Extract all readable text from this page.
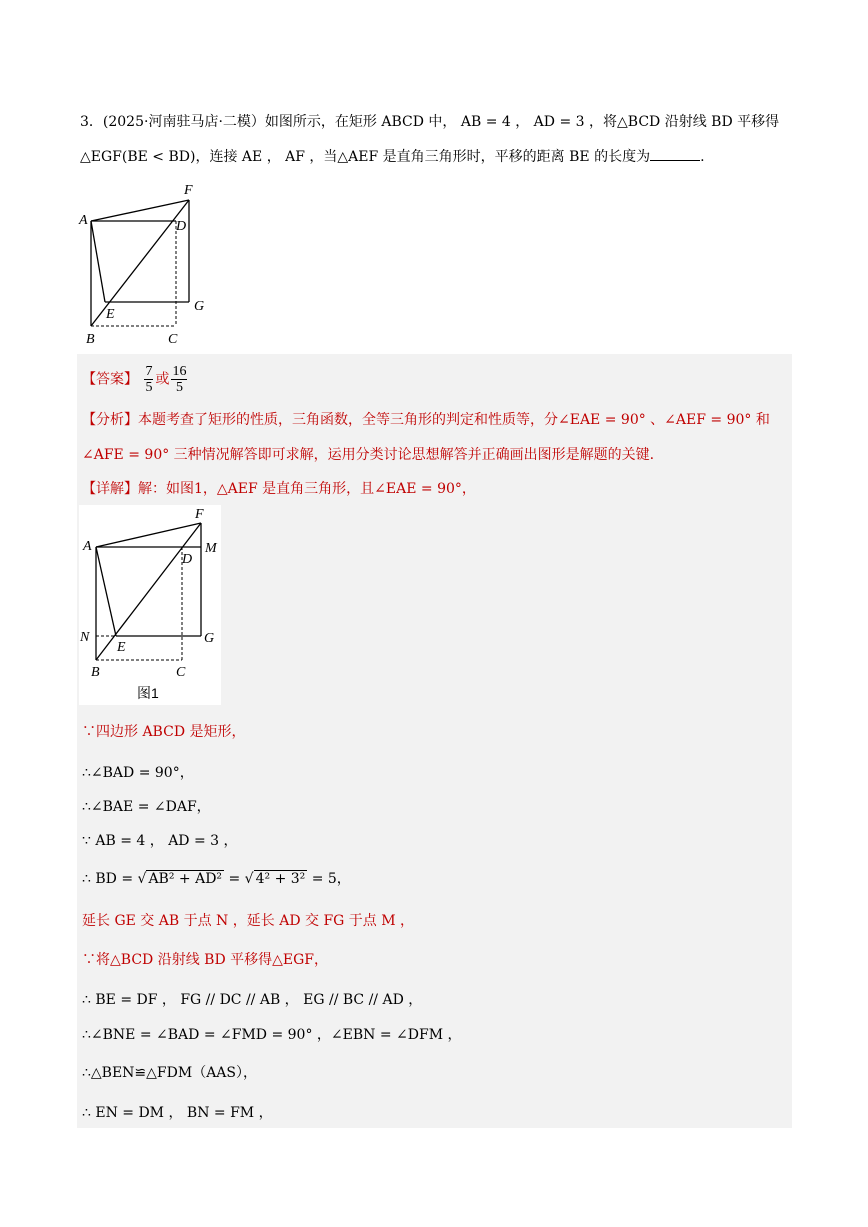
3．(2025·河南驻马店·二模）如图所示，在矩形 ABCD 中， AB = 4 ， AD = 3 ，将△BCD 沿射线 BD 平移得
△EGF(BE < BD)，连接 AE ， AF ，当△AEF 是直角三角形时，平移的距离 BE 的长度为	.
A
B	C
D
E
F
G
【答案】 $\frac{7}{5}$ 或 $\frac{16}{5}$
【分析】本题考查了矩形的性质，三角函数，全等三角形的判定和性质等，分∠EAE = 90° 、∠AEF = 90° 和
∠AFE = 90° 三种情况解答即可求解，运用分类讨论思想解答并正确画出图形是解题的关键.
【详解】解：如图1，△AEF 是直角三角形，且∠EAE = 90°，
A
B	C
D
E
F
G
M
N
图1
∵四边形 ABCD 是矩形，
∴∠BAD = 90°，
∴∠BAE = ∠DAF，
∵ AB = 4 ， AD = 3 ，
∴ BD = √ AB² + AD² = √ 4² + 3² = 5，
延长 GE 交 AB 于点 N ，延长 AD 交 FG 于点 M ，
∵将△BCD 沿射线 BD 平移得△EGF，
∴ BE = DF ， FG // DC // AB ， EG // BC // AD ，
∴∠BNE = ∠BAD = ∠FMD = 90° ，∠EBN = ∠DFM ，
∴△BEN≌△FDM（AAS），
∴ EN = DM ， BN = FM ，
